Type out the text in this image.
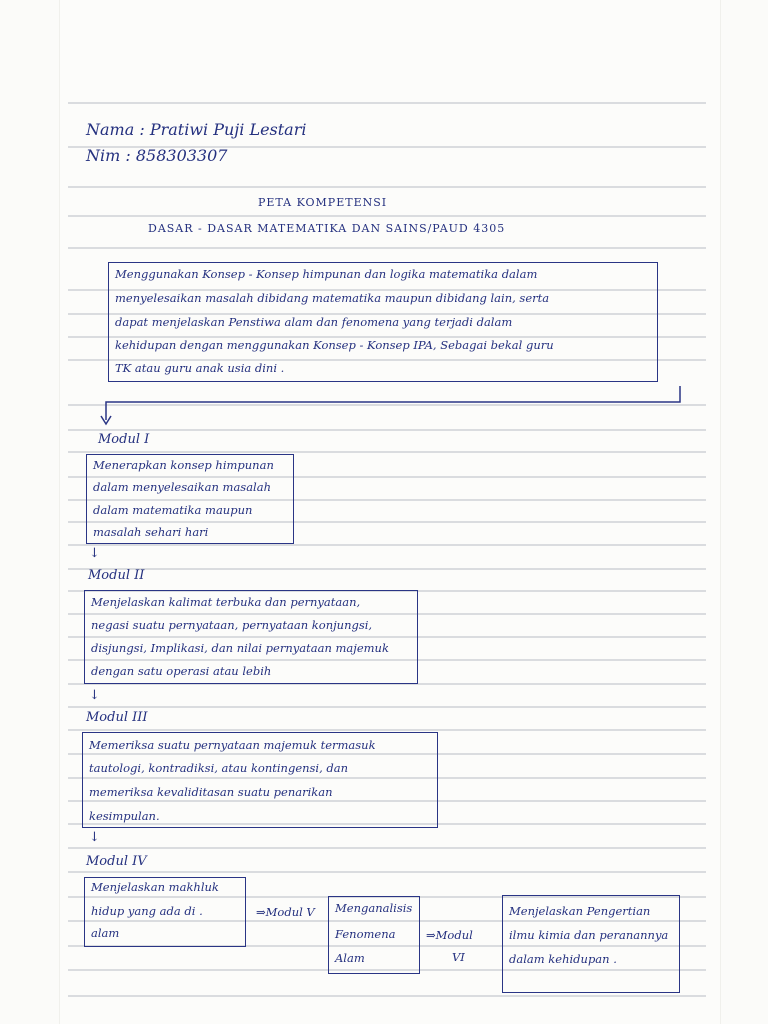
Nama : Pratiwi Puji Lestari
Nim : 858303307
PETA KOMPETENSI
DASAR - DASAR MATEMATIKA DAN SAINS/PAUD 4305
Menggunakan Konsep - Konsep himpunan dan logika matematika dalam
menyelesaikan masalah dibidang matematika maupun dibidang lain, serta
dapat menjelaskan Penstiwa alam dan fenomena yang terjadi dalam
kehidupan dengan menggunakan Konsep - Konsep IPA, Sebagai bekal guru
TK atau guru anak usia dini .
Modul I
Menerapkan konsep himpunan
dalam menyelesaikan masalah
dalam matematika maupun
masalah sehari hari
↓
Modul II
Menjelaskan kalimat terbuka dan pernyataan,
negasi suatu pernyataan, pernyataan konjungsi,
disjungsi, Implikasi, dan nilai pernyataan majemuk
dengan satu operasi atau lebih
↓
Modul III
Memeriksa suatu pernyataan majemuk termasuk
tautologi, kontradiksi, atau kontingensi, dan
memeriksa kevaliditasan suatu penarikan
kesimpulan.
↓
Modul IV
Menjelaskan makhluk
hidup yang ada di .
alam
⇒Modul V Menganalisis
Fenomena
Alam
⇒Modul
VI
Menjelaskan Pengertian
ilmu kimia dan peranannya
dalam kehidupan .
